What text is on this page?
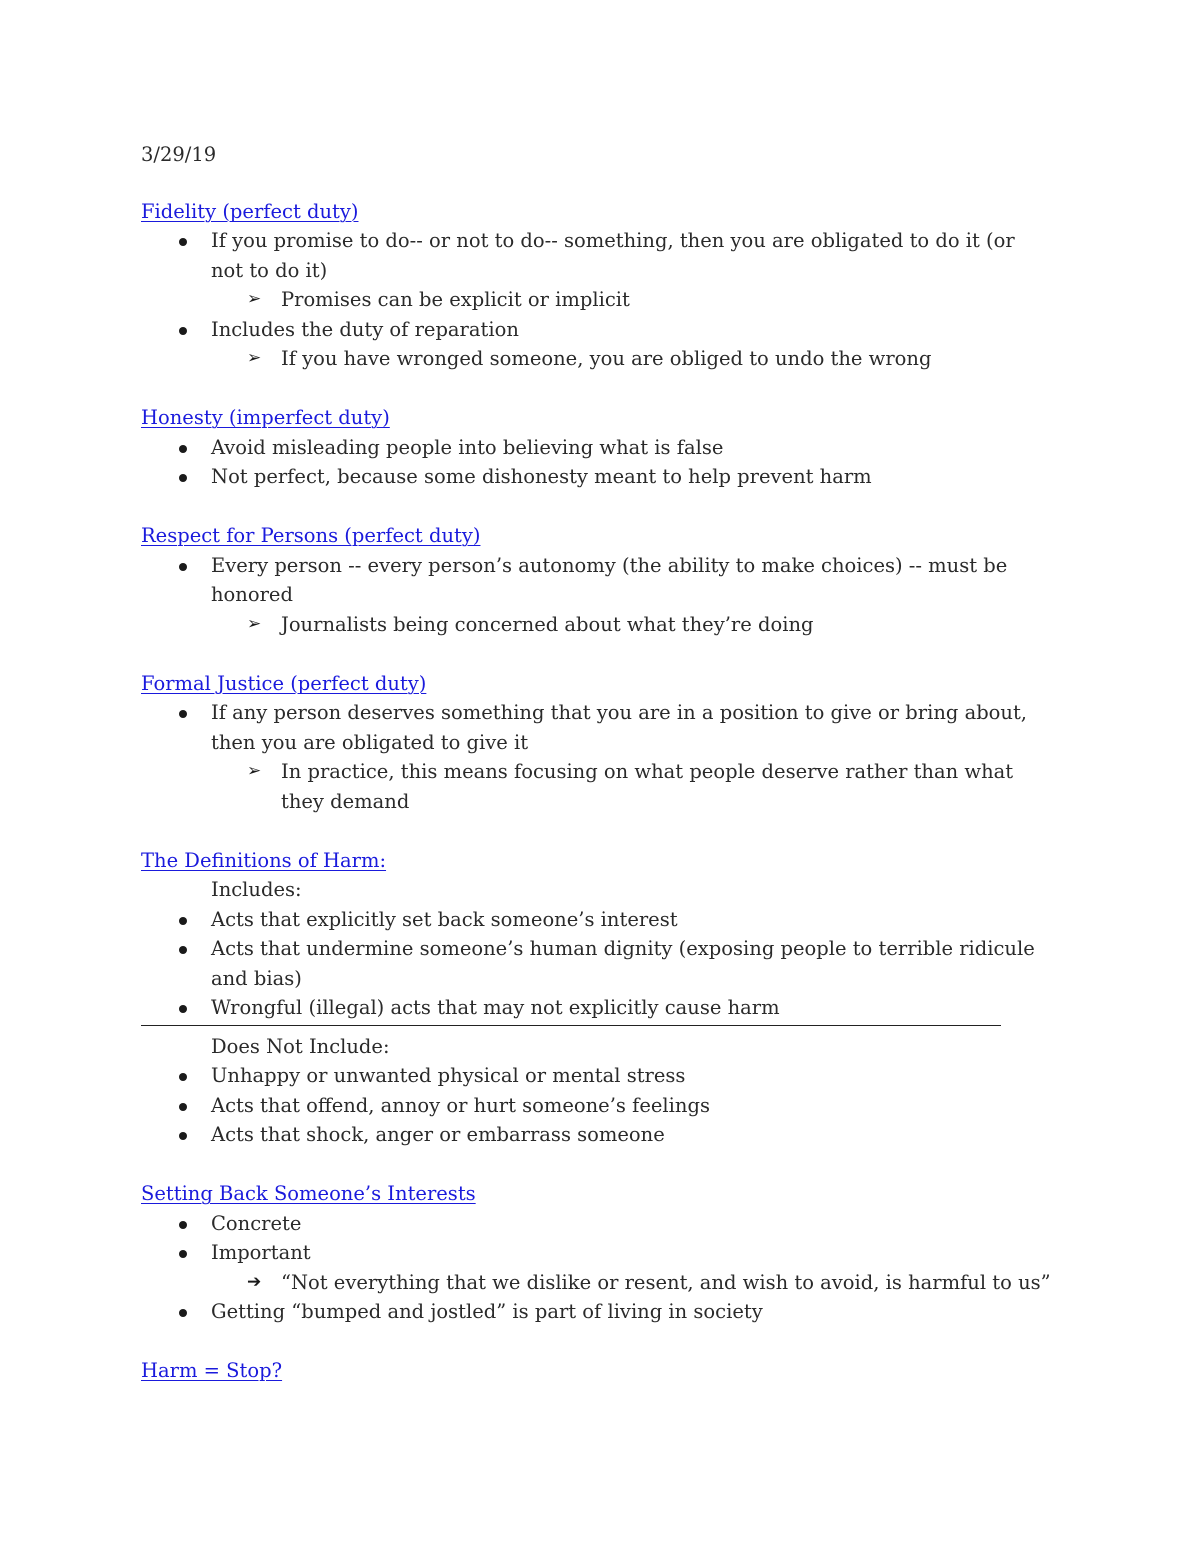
3/29/19

Fidelity (perfect duty)

If you promise to do-- or not to do-- something, then you are obligated to do it (or not to do it)

➢ Promises can be explicit or implicit

Includes the duty of reparation

➢ If you have wronged someone, you are obliged to undo the wrong

Honesty (imperfect duty)

Avoid misleading people into believing what is false

Not perfect, because some dishonesty meant to help prevent harm

Respect for Persons (perfect duty)

Every person -- every person’s autonomy (the ability to make choices) -- must be honored

➢ Journalists being concerned about what they’re doing

Formal Justice (perfect duty)

If any person deserves something that you are in a position to give or bring about, then you are obligated to give it

➢ In practice, this means focusing on what people deserve rather than what they demand

The Definitions of Harm:

Includes:

Acts that explicitly set back someone’s interest

Acts that undermine someone’s human dignity (exposing people to terrible ridicule and bias)

Wrongful (illegal) acts that may not explicitly cause harm

Does Not Include:

Unhappy or unwanted physical or mental stress

Acts that offend, annoy or hurt someone’s feelings

Acts that shock, anger or embarrass someone

Setting Back Someone’s Interests

Concrete

Important

➔ “Not everything that we dislike or resent, and wish to avoid, is harmful to us”

Getting “bumped and jostled” is part of living in society

Harm = Stop?
